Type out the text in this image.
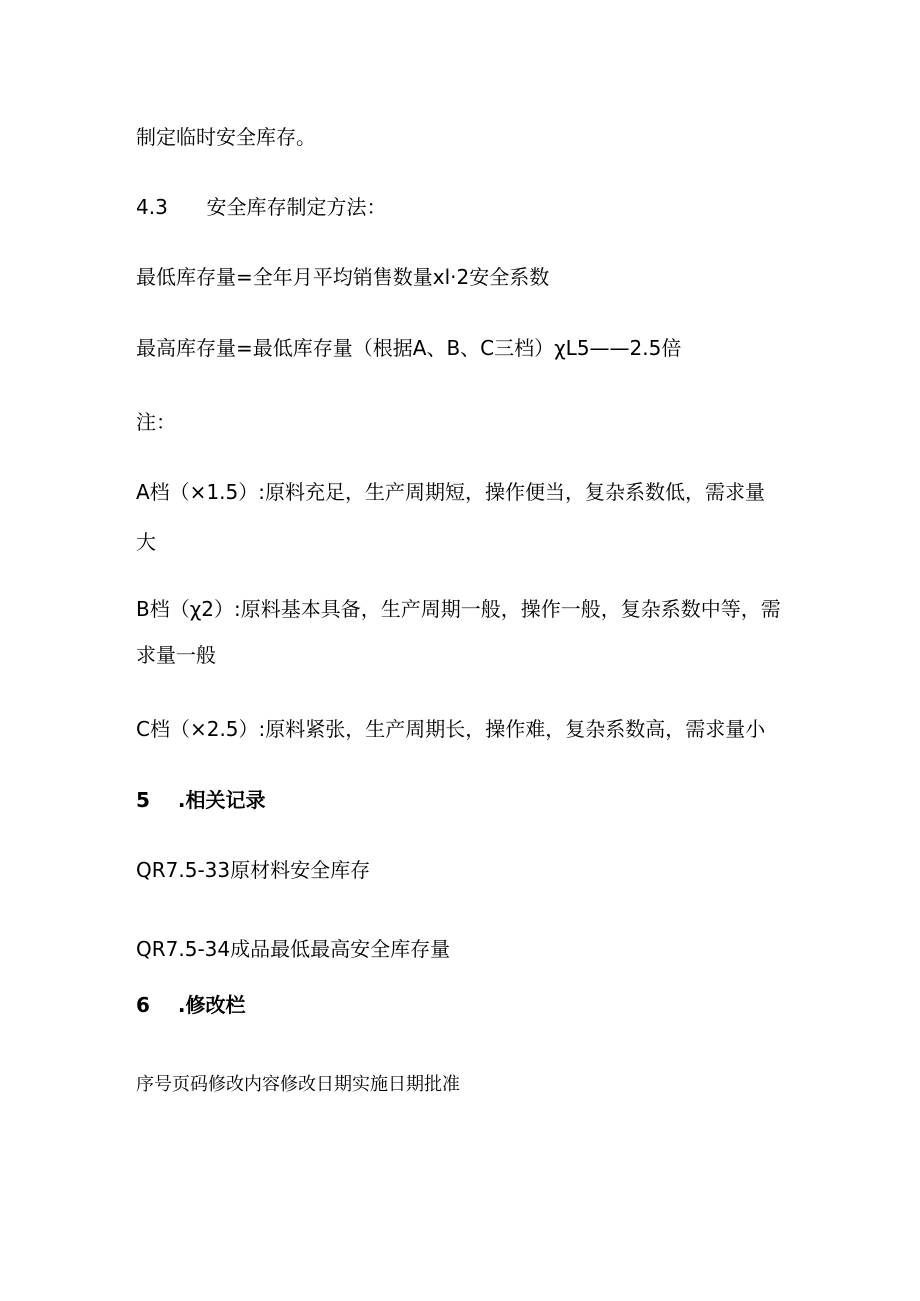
制定临时安全库存。
4.3 安全库存制定方法：
最低库存量=全年月平均销售数量xl·2安全系数
最高库存量=最低库存量（根据A、B、C三档）χL5——2.5倍
注：
A档（×1.5）:原料充足，生产周期短，操作便当，复杂系数低，需求量
大
B档（χ2）:原料基本具备，生产周期一般，操作一般，复杂系数中等，需
求量一般
C档（×2.5）:原料紧张，生产周期长，操作难，复杂系数高，需求量小
5 .相关记录
QR7.5-33原材料安全库存
QR7.5-34成品最低最高安全库存量
6 .修改栏
序号页码修改内容修改日期实施日期批准
